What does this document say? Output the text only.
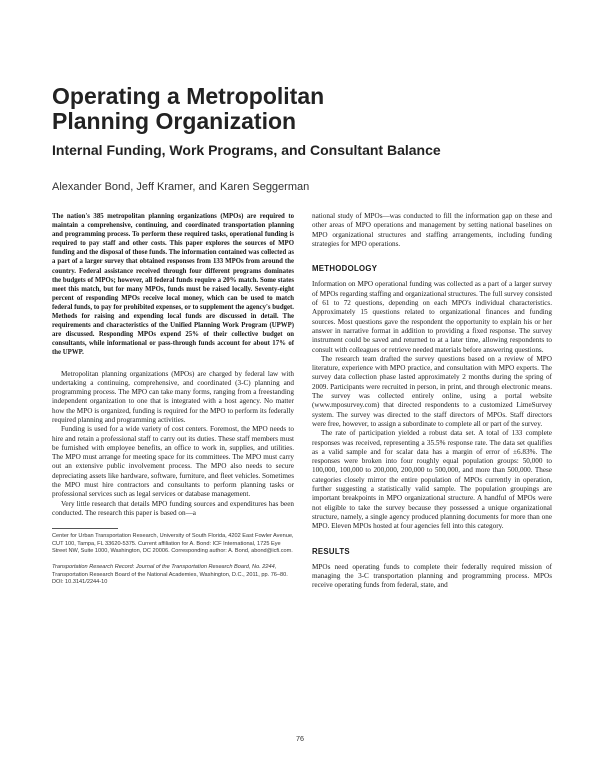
Operating a Metropolitan
Planning Organization
Internal Funding, Work Programs, and Consultant Balance
Alexander Bond, Jeff Kramer, and Karen Seggerman

The nation's 385 metropolitan planning organizations (MPOs) are required to maintain a comprehensive, continuing, and coordinated transportation planning and programming process. To perform these required tasks, operational funding is required to pay staff and other costs. This paper explores the sources of MPO funding and the disposal of those funds. The information contained was collected as a part of a larger survey that obtained responses from 133 MPOs from around the country. Federal assistance received through four different programs dominates the budgets of MPOs; however, all federal funds require a 20% match. Some states meet this match, but for many MPOs, funds must be raised locally. Seventy-eight percent of responding MPOs receive local money, which can be used to match federal funds, to pay for prohibited expenses, or to supplement the agency's budget. Methods for raising and expending local funds are discussed in detail. The requirements and characteristics of the Unified Planning Work Program (UPWP) are discussed. Responding MPOs expend 25% of their collective budget on consultants, while informational or pass-through funds account for about 17% of the UPWP.

Metropolitan planning organizations (MPOs) are charged by federal law with undertaking a continuing, comprehensive, and coordinated (3-C) planning and programming process. The MPO can take many forms, ranging from a freestanding independent organization to one that is integrated with a host agency. No matter how the MPO is organized, funding is required for the MPO to perform its federally required planning and programming activities.

Funding is used for a wide variety of cost centers. Foremost, the MPO needs to hire and retain a professional staff to carry out its duties. These staff members must be furnished with employee benefits, an office to work in, supplies, and utilities. The MPO must arrange for meeting space for its committees. The MPO must carry out an extensive public involvement process. The MPO also needs to secure depreciating assets like hardware, software, furniture, and fleet vehicles. Sometimes the MPO must hire contractors and consultants to perform planning tasks or professional services such as legal services or database management.

Very little research that details MPO funding sources and expenditures has been conducted. The research this paper is based on—a

Center for Urban Transportation Research, University of South Florida, 4202 East Fowler Avenue, CUT 100, Tampa, FL 33620-5375. Current affiliation for A. Bond: ICF International, 1725 Eye Street NW, Suite 1000, Washington, DC 20006. Corresponding author: A. Bond, abond@icfi.com.

Transportation Research Record: Journal of the Transportation Research Board, No. 2244, Transportation Research Board of the National Academies, Washington, D.C., 2011, pp. 76–80.

DOI: 10.3141/2244-10

national study of MPOs—was conducted to fill the information gap on these and other areas of MPO operations and management by setting national baselines on MPO organizational structures and staffing arrangements, including funding strategies for MPO operations.

METHODOLOGY

Information on MPO operational funding was collected as a part of a larger survey of MPOs regarding staffing and organizational structures. The full survey consisted of 61 to 72 questions, depending on each MPO's individual characteristics. Approximately 15 questions related to organizational finances and funding sources. Most questions gave the respondent the opportunity to explain his or her answer in narrative format in addition to providing a fixed response. The survey instrument could be saved and returned to at a later time, allowing respondents to consult with colleagues or retrieve needed materials before answering questions.

The research team drafted the survey questions based on a review of MPO literature, experience with MPO practice, and consultation with MPO experts. The survey data collection phase lasted approximately 2 months during the spring of 2009. Participants were recruited in person, in print, and through electronic means. The survey was collected entirely online, using a portal website (www.mposurvey.com) that directed respondents to a customized LimeSurvey system. The survey was directed to the staff directors of MPOs. Staff directors were free, however, to assign a subordinate to complete all or part of the survey.

The rate of participation yielded a robust data set. A total of 133 complete responses was received, representing a 35.5% response rate. The data set qualifies as a valid sample and for scalar data has a margin of error of ±6.83%. The responses were broken into four roughly equal population groups: 50,000 to 100,000, 100,000 to 200,000, 200,000 to 500,000, and more than 500,000. These categories closely mirror the entire population of MPOs currently in operation, further suggesting a statistically valid sample. The population groupings are important breakpoints in MPO organizational structure. A handful of MPOs were not eligible to take the survey because they possessed a unique organizational structure, namely, a single agency produced planning documents for more than one MPO. Eleven MPOs hosted at four agencies fell into this category.

RESULTS

MPOs need operating funds to complete their federally required mission of managing the 3-C transportation planning and programming process. MPOs receive operating funds from federal, state, and

76
